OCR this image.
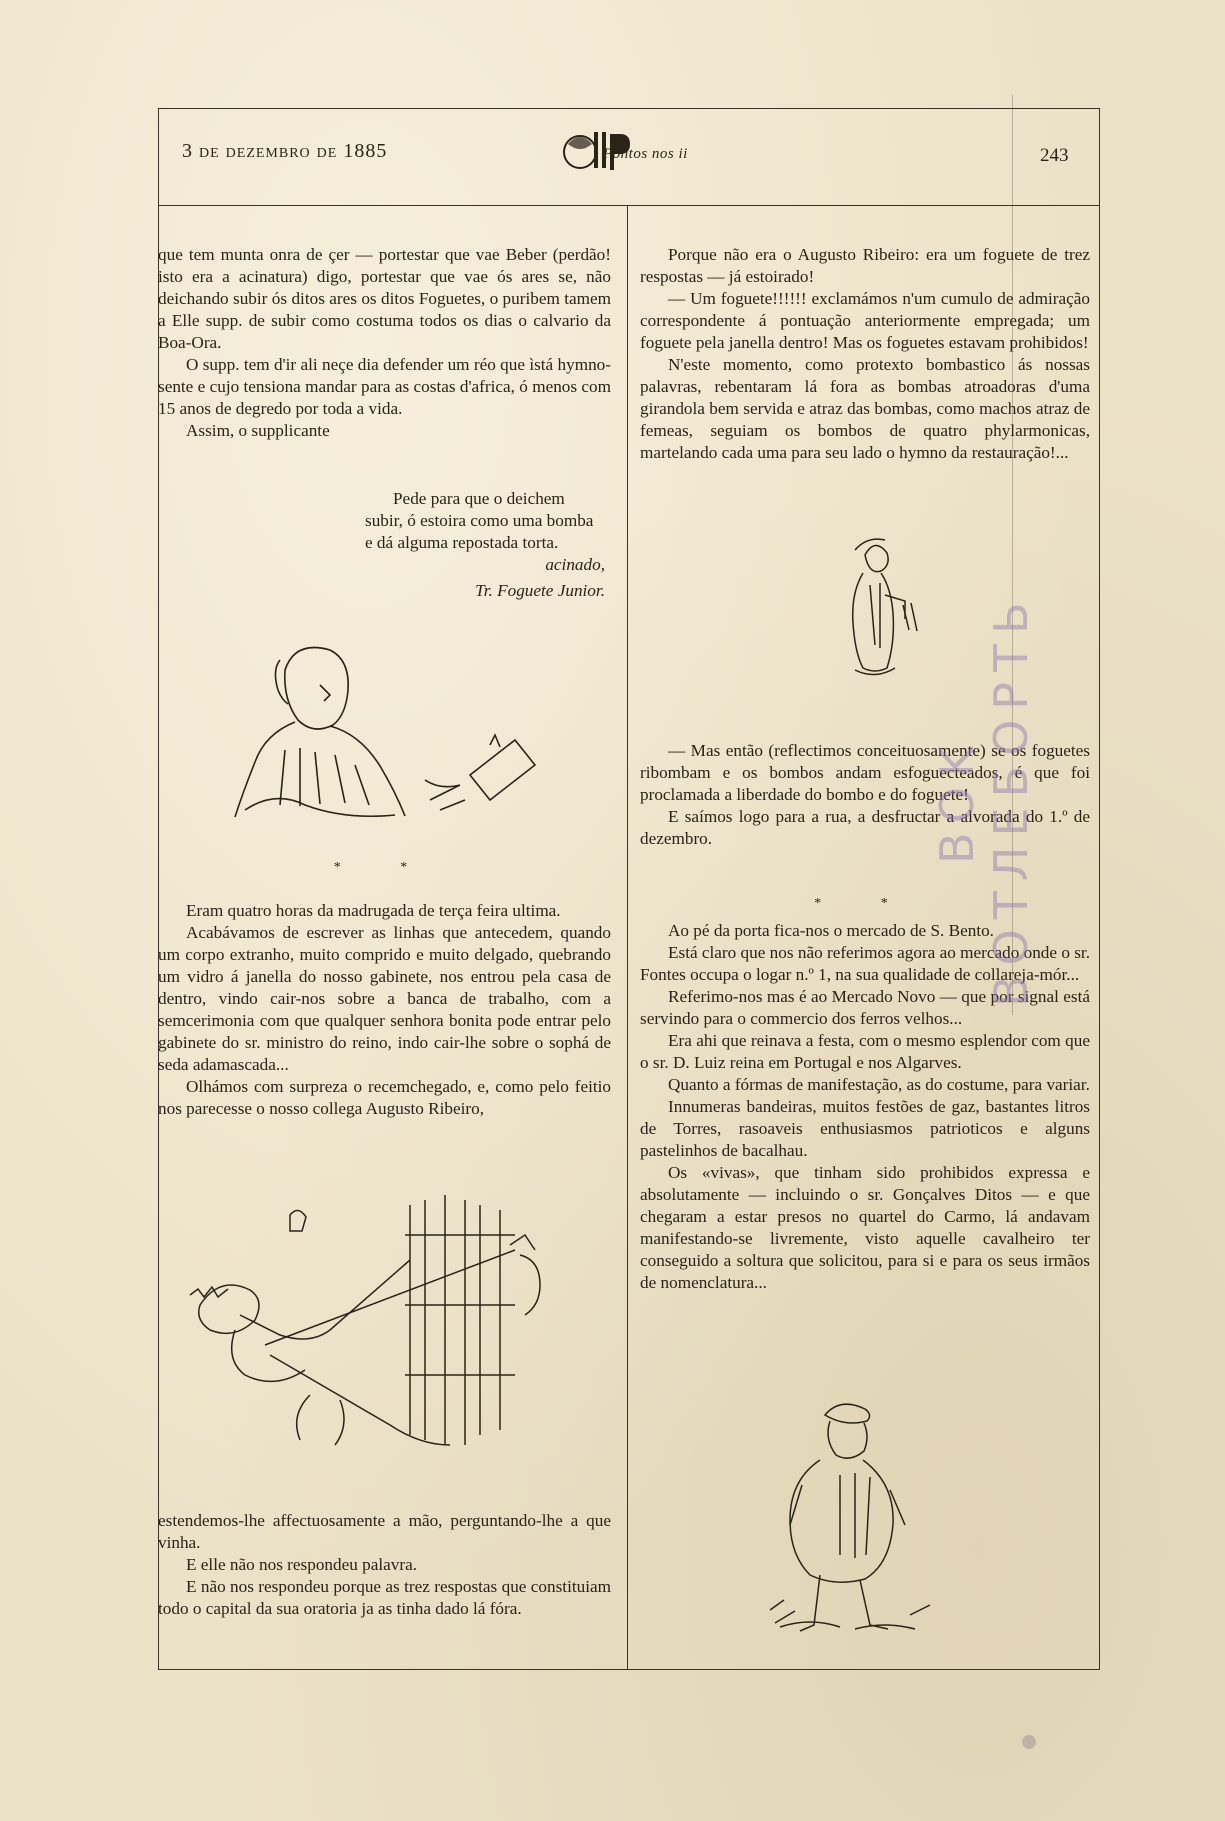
3 de dezembro de 1885	Pontos nos ii	243

que tem munta onra de çer — portestar que vae Beber (perdão! isto era a acinatura) digo, portestar que vae ós ares se, não deichando subir ós ditos ares os ditos Foguetes, o puribem tamem a Elle supp. de subir como costuma todos os dias o calvario da Boa-Ora.

O supp. tem d'ir ali neçe dia defender um réo que ìstá hymno-sente e cujo tensiona mandar para as costas d'africa, ó menos com 15 anos de degredo por toda a vida.

Assim, o supplicante

Pede para que o deichem subir, ó estoira como uma bomba e dá alguma repostada torta.

acinado,

Tr. Foguete Junior.

* *

Eram quatro horas da madrugada de terça feira ultima.

Acabávamos de escrever as linhas que antecedem, quando um corpo extranho, muito comprido e muito delgado, quebrando um vidro á janella do nosso gabinete, nos entrou pela casa de dentro, vindo cair-nos sobre a banca de trabalho, com a semcerimonia com que qualquer senhora bonita pode entrar pelo gabinete do sr. ministro do reino, indo cair-lhe sobre o sophá de seda adamascada...

Olhámos com surpreza o recemchegado, e, como pelo feitio nos parecesse o nosso collega Augusto Ribeiro,

estendemos-lhe affectuosamente a mão, perguntando-lhe a que vinha.

E elle não nos respondeu palavra.

E não nos respondeu porque as trez respostas que constituiam todo o capital da sua oratoria ja as tinha dado lá fóra.

Porque não era o Augusto Ribeiro: era um foguete de trez respostas — já estoirado!

— Um foguete!!!!!! exclamámos n'um cumulo de admiração correspondente á pontuação anteriormente empregada; um foguete pela janella dentro! Mas os foguetes estavam prohibidos!

N'este momento, como protexto bombastico ás nossas palavras, rebentaram lá fora as bombas atroadoras d'uma girandola bem servida e atraz das bombas, como machos atraz de femeas, seguiam os bombos de quatro phylarmonicas, martelando cada uma para seu lado o hymno da restauração!...

— Mas então (reflectimos conceituosamente) se os foguetes ribombam e os bombos andam esfoguecteados, é que foi proclamada a liberdade do bombo e do foguete!

E saímos logo para a rua, a desfructar a alvorada do 1.º de dezembro.

* *

Ao pé da porta fica-nos o mercado de S. Bento.

Está claro que nos não referimos agora ao mercado onde o sr. Fontes occupa o logar n.º 1, na sua qualidade de collareja-mór...

Referimo-nos mas é ao Mercado Novo — que por signal está servindo para o commercio dos ferros velhos...

Era ahi que reinava a festa, com o mesmo esplendor com que o sr. D. Luiz reina em Portugal e nos Algarves.

Quanto a fórmas de manifestação, as do costume, para variar.

Innumeras bandeiras, muitos festões de gaz, bastantes litros de Torres, rasoaveis enthusiasmos patrioticos e alguns pastelinhos de bacalhau.

Os «vivas», que tinham sido prohibidos expressa e absolutamente — incluindo o sr. Gonçalves Ditos — e que chegaram a estar presos no quartel do Carmo, lá andavam manifestando-se livremente, visto aquelle cavalheiro ter conseguido a soltura que solicitou, para si e para os seus irmãos de nomenclatura...

BOK ВОТЛЕБОРТЬ
